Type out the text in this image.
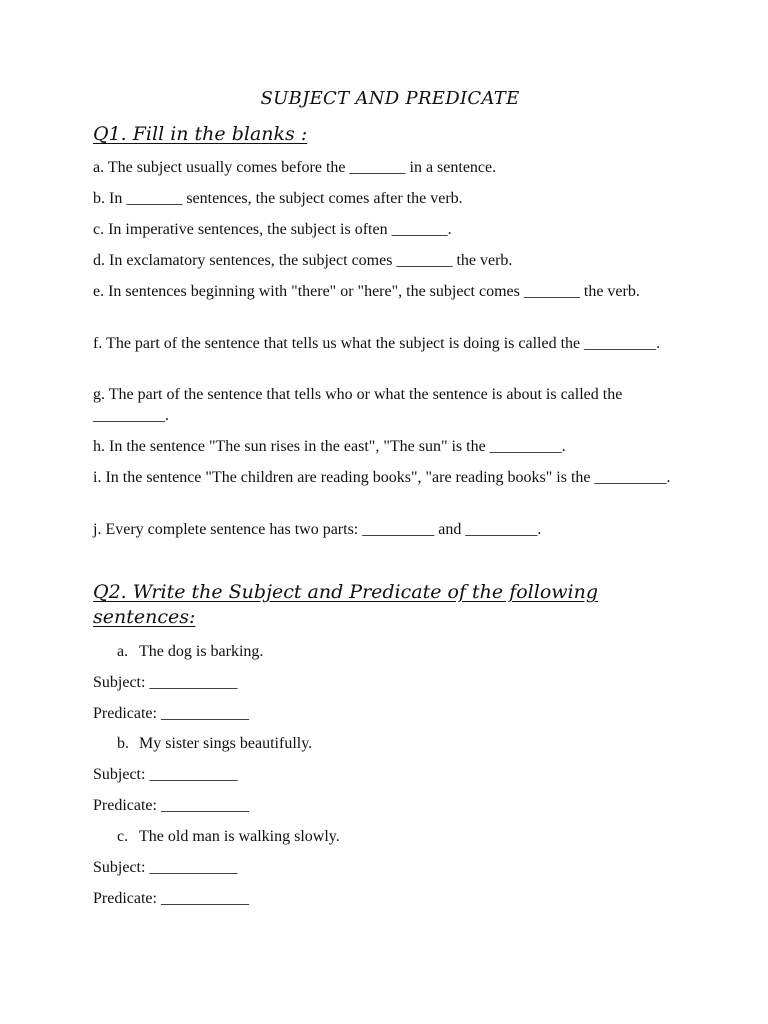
SUBJECT AND PREDICATE
Q1. Fill in the blanks :
a. The subject usually comes before the _______ in a sentence.
b. In _______ sentences, the subject comes after the verb.
c. In imperative sentences, the subject is often _______.
d. In exclamatory sentences, the subject comes _______ the verb.
e. In sentences beginning with "there" or "here", the subject comes _______ the verb.
f. The part of the sentence that tells us what the subject is doing is called the _________.
g. The part of the sentence that tells who or what the sentence is about is called the _________.
h. In the sentence "The sun rises in the east", "The sun" is the _________.
i. In the sentence "The children are reading books", "are reading books" is the _________.
j. Every complete sentence has two parts: _________ and _________.
Q2. Write the Subject and Predicate of the following sentences:
a. The dog is barking.
Subject: ___________
Predicate: ___________
b. My sister sings beautifully.
Subject: ___________
Predicate: ___________
c. The old man is walking slowly.
Subject: ___________
Predicate: ___________
